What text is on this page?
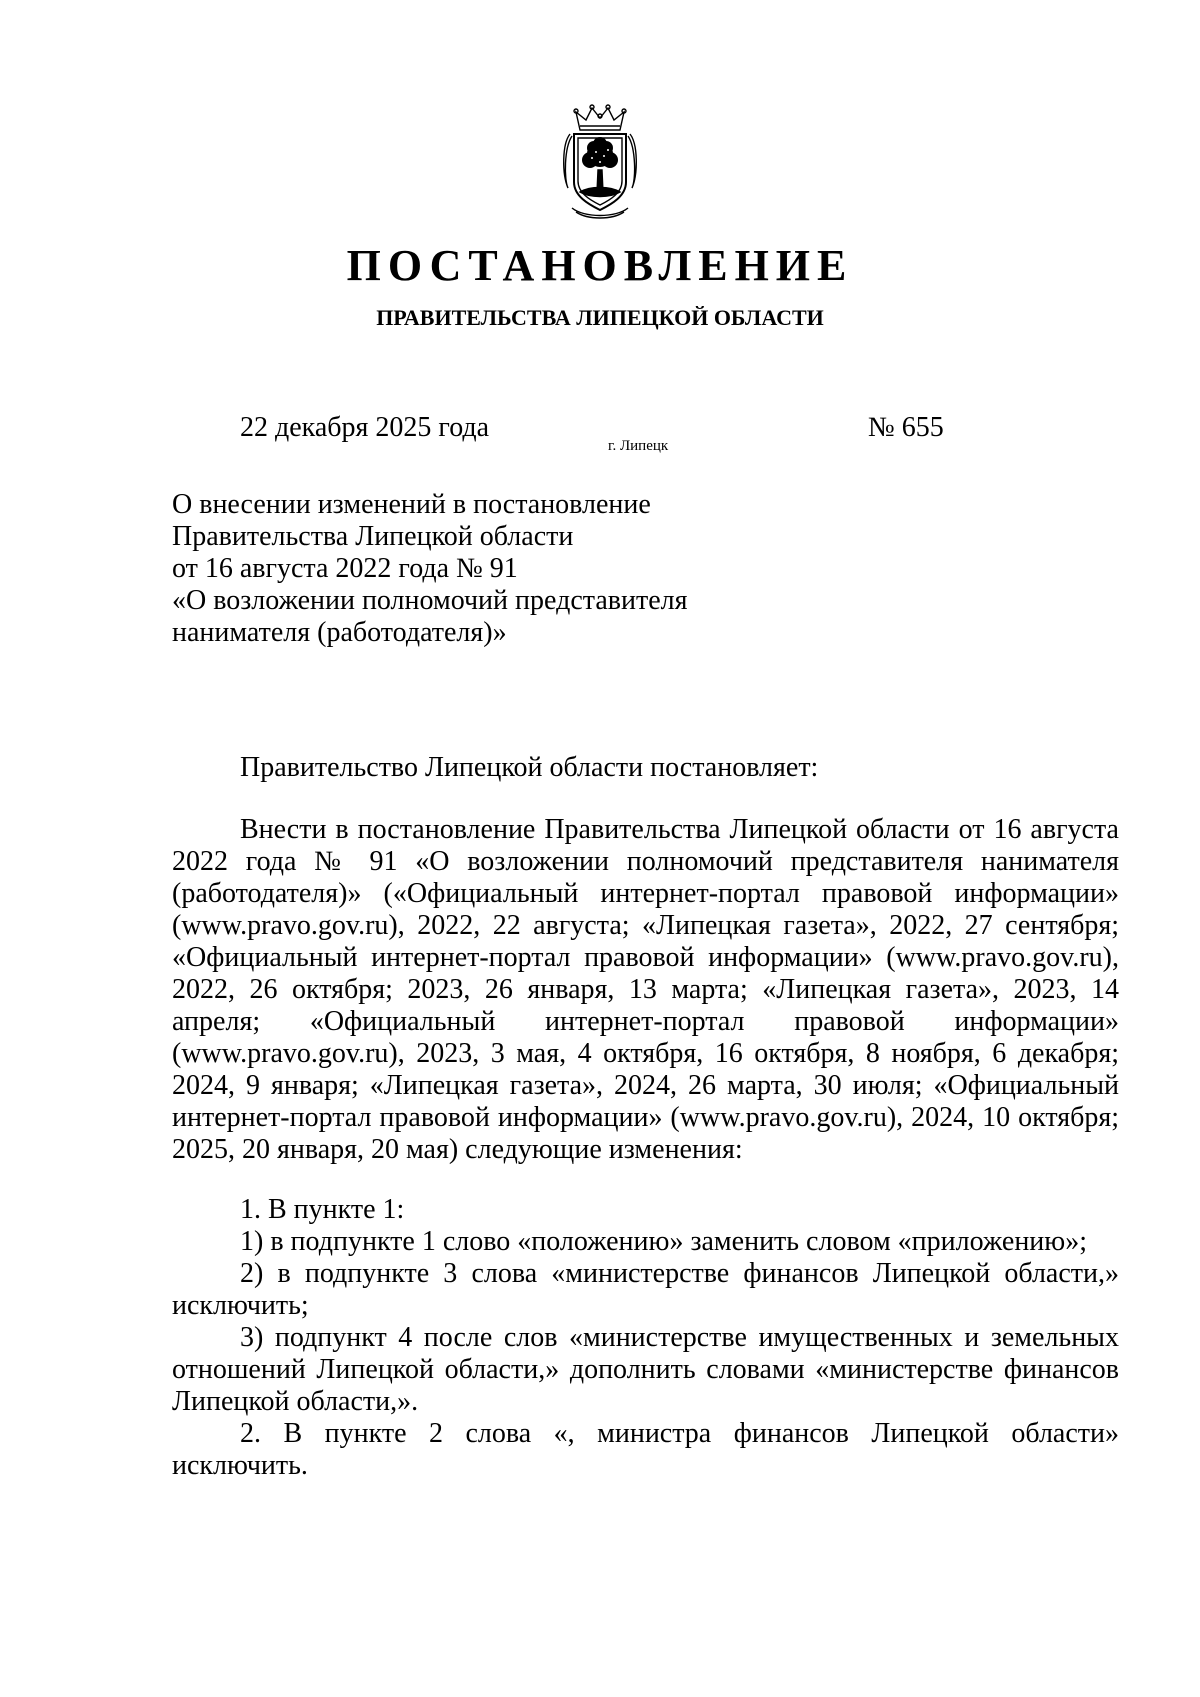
ПОСТАНОВЛЕНИЕ
ПРАВИТЕЛЬСТВА ЛИПЕЦКОЙ ОБЛАСТИ
22 декабря 2025 года
г. Липецк
№ 655
О внесении изменений в постановление
Правительства Липецкой области
от 16 августа 2022 года № 91
«О возложении полномочий представителя
нанимателя (работодателя)»

Правительство Липецкой области постановляет:

Внести в постановление Правительства Липецкой области от 16 августа 2022 года № 91 «О возложении полномочий представителя нанимателя (работодателя)» («Официальный интернет-портал правовой информации» (www.pravo.gov.ru), 2022, 22 августа; «Липецкая газета», 2022, 27 сентября; «Официальный интернет-портал правовой информации» (www.pravo.gov.ru), 2022, 26 октября; 2023, 26 января, 13 марта; «Липецкая газета», 2023, 14 апреля; «Официальный интернет-портал правовой информации» (www.pravo.gov.ru), 2023, 3 мая, 4 октября, 16 октября, 8 ноября, 6 декабря; 2024, 9 января; «Липецкая газета», 2024, 26 марта, 30 июля; «Официальный интернет-портал правовой информации» (www.pravo.gov.ru), 2024, 10 октября; 2025, 20 января, 20 мая) следующие изменения:

1. В пункте 1:

1) в подпункте 1 слово «положению» заменить словом «приложению»;

2) в подпункте 3 слова «министерстве финансов Липецкой области,» исключить;

3) подпункт 4 после слов «министерстве имущественных и земельных отношений Липецкой области,» дополнить словами «министерстве финансов Липецкой области,».

2. В пункте 2 слова «, министра финансов Липецкой области» исключить.
